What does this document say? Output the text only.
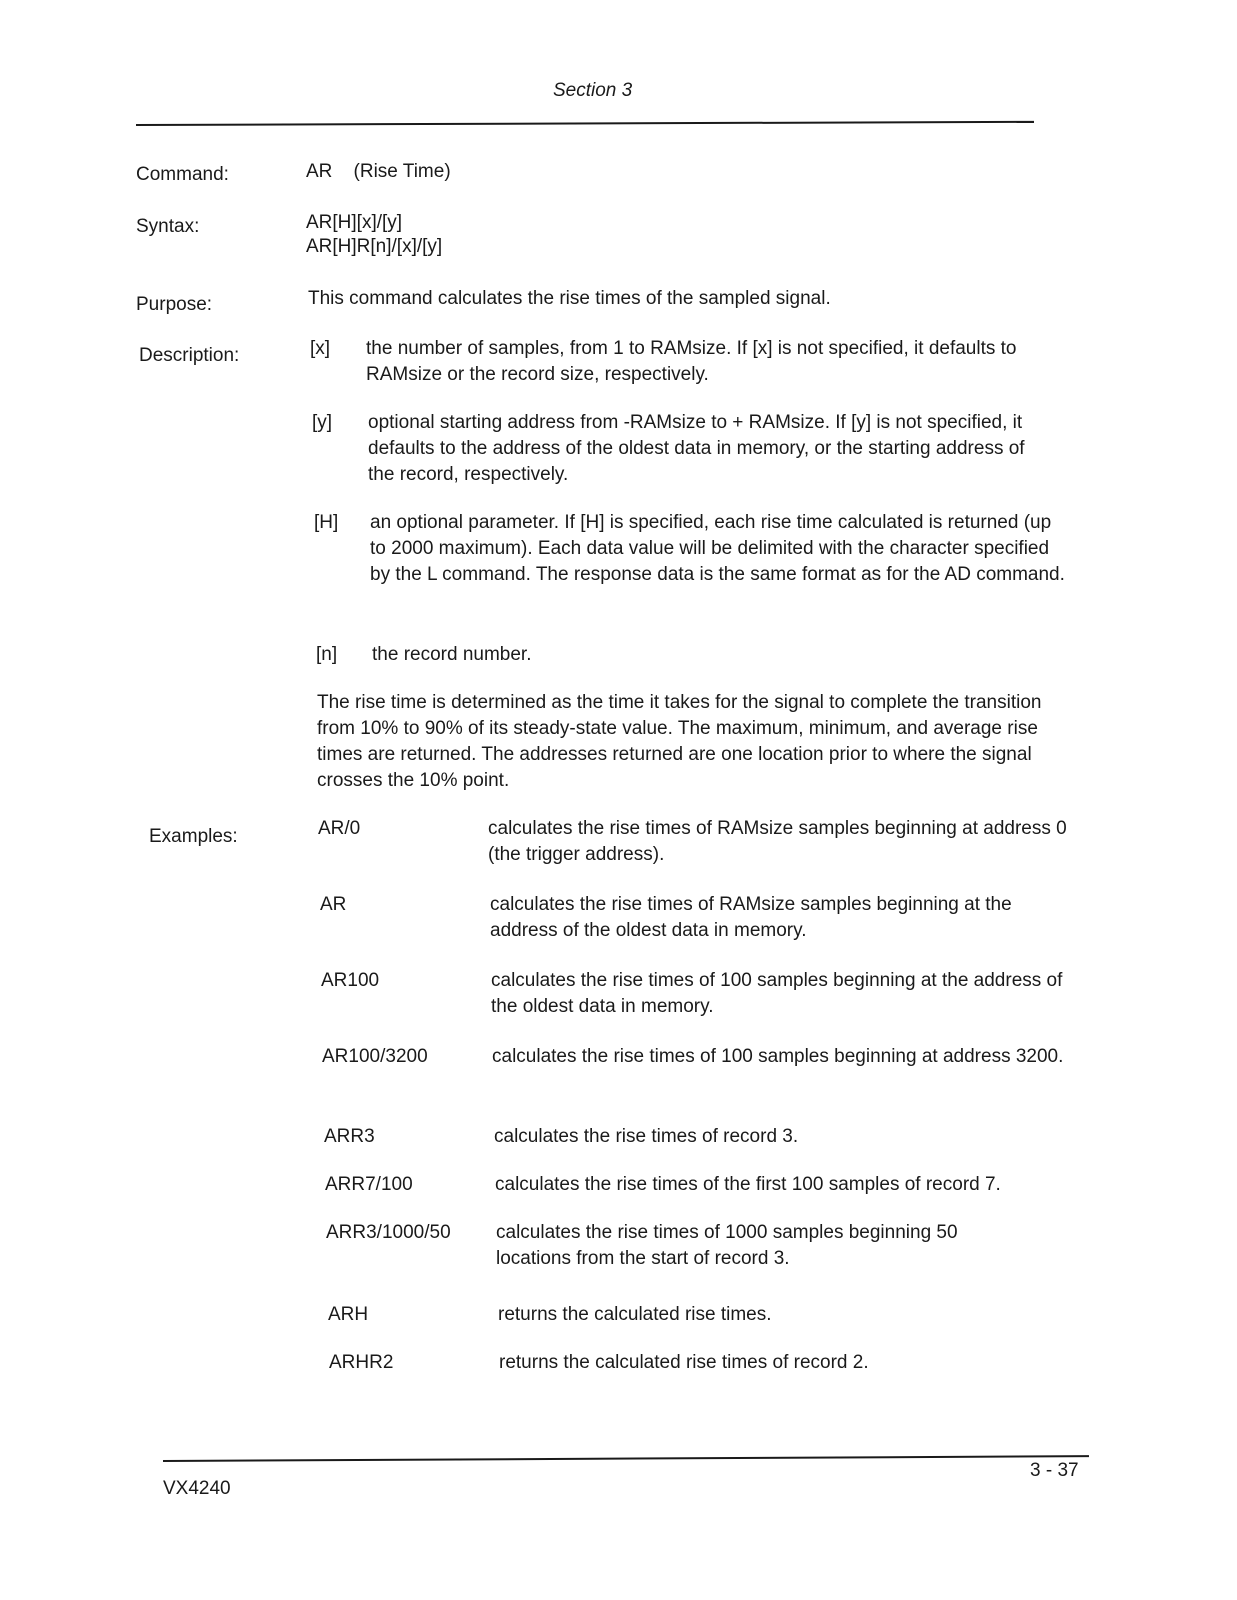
Section 3
Command:	AR (Rise Time)
Syntax:	AR[H][x]/[y]
AR[H]R[n]/[x]/[y]
Purpose:	This command calculates the rise times of the sampled signal.
Description:	[x] the number of samples, from 1 to RAMsize. If [x] is not specified, it defaults to RAMsize or the record size, respectively.
[y] optional starting address from -RAMsize to + RAMsize. If [y] is not specified, it defaults to the address of the oldest data in memory, or the starting address of the record, respectively.
[H] an optional parameter. If [H] is specified, each rise time calculated is returned (up to 2000 maximum). Each data value will be delimited with the character specified by the L command. The response data is the same format as for the AD command.
[n] the record number.
The rise time is determined as the time it takes for the signal to complete the transition from 10% to 90% of its steady-state value. The maximum, minimum, and average rise times are returned. The addresses returned are one location prior to where the signal crosses the 10% point.
Examples:	AR/0	calculates the rise times of RAMsize samples beginning at address 0 (the trigger address).
AR	calculates the rise times of RAMsize samples beginning at the address of the oldest data in memory.
AR100	calculates the rise times of 100 samples beginning at the address of the oldest data in memory.
AR100/3200	calculates the rise times of 100 samples beginning at address 3200.
ARR3	calculates the rise times of record 3.
ARR7/100	calculates the rise times of the first 100 samples of record 7.
ARR3/1000/50 calculates the rise times of 1000 samples beginning 50 locations from the start of record 3.
ARH	returns the calculated rise times.
ARHR2	returns the calculated rise times of record 2.
VX4240
3 - 37
